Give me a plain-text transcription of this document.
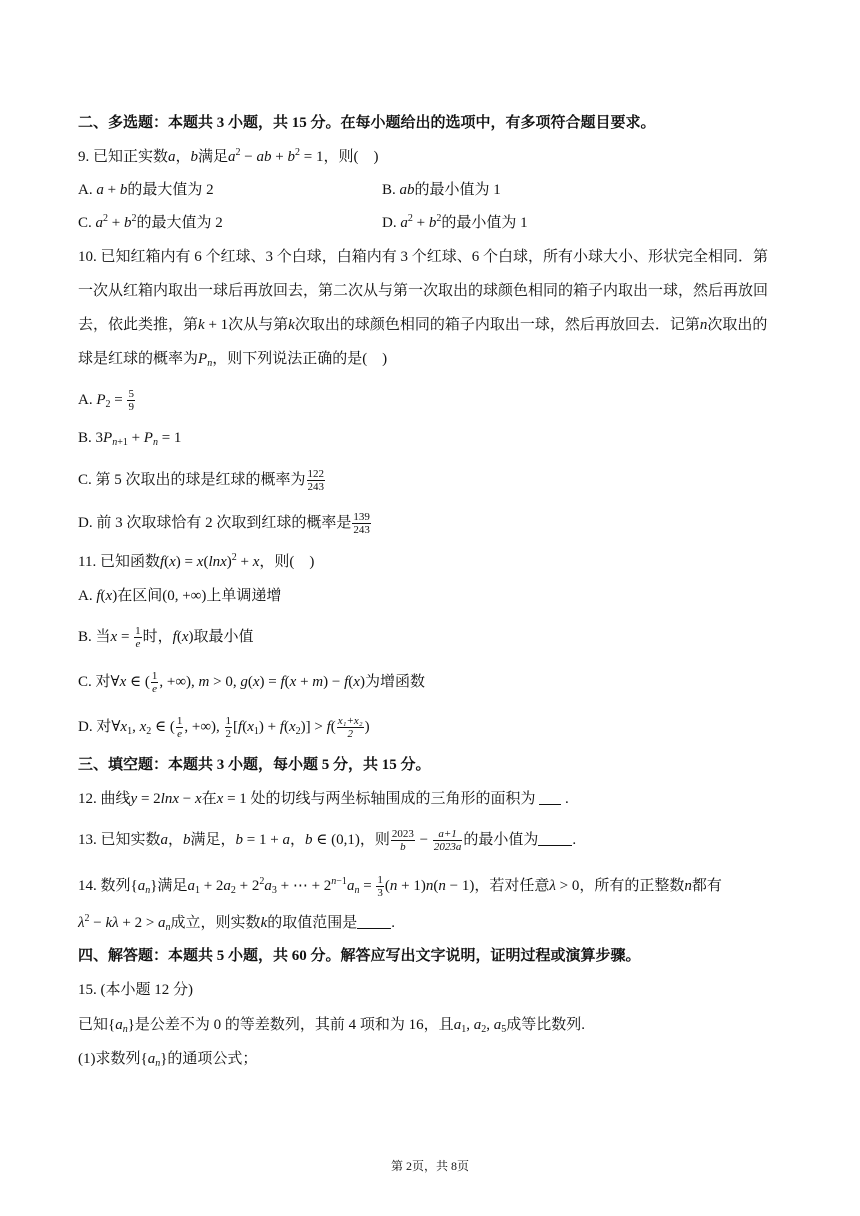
二、多选题：本题共 3 小题，共 15 分。在每小题给出的选项中，有多项符合题目要求。
9. 已知正实数a，b满足$a^2$ − ab + $b^2 = 1$，则(　)
A. a + b的最大值为 2	B. ab的最小值为 1
C. $a^2 + b^2$的最大值为 2	D. $a^2 + b^2$的最小值为 1
10. 已知红箱内有 6 个红球、3 个白球，白箱内有 3 个红球、6 个白球，所有小球大小、形状完全相同．第
一次从红箱内取出一球后再放回去，第二次从与第一次取出的球颜色相同的箱子内取出一球，然后再放回
去，依此类推，第k + 1次从与第k次取出的球颜色相同的箱子内取出一球，然后再放回去．记第n次取出的
球是红球的概率为$P_n$，则下列说法正确的是(　)
A. $P_2 = \frac{5}{9}$
B. $3P_{n+1} + P_n = 1$
C. 第 5 次取出的球是红球的概率为 $\frac{122}{243}$
D. 前 3 次取球恰有 2 次取到红球的概率是 $\frac{139}{243}$
11. 已知函数$f(x) = x(\ln x)^2 + x$，则(　)
A. f(x)在区间(0, +∞)上单调递增
B. 当$x = \frac{1}{e}$ 时，f(x)取最小值
C. 对∀x ∈ ( $\frac{1}{e}$ , +∞), m > 0, g(x) = f(x + m) − f(x)为增函数
D. 对$\forall x_1$, $x_2$ ∈ ( $\frac{1}{e}$ , +∞), $\frac{1}{2} [f(x_1) + f(x_2)] > f( \frac{\text{x₁+x₂}}{2}$ )
三、填空题：本题共 3 小题，每小题 5 分，共 15 分。
12. 曲线y = 2lnx − x在x = 1 处的切线与两坐标轴围成的三角形的面积为  .
13. 已知实数a，b满足，b = 1 + a，b ∈ (0,1)，则 $\frac{2023}{b} - \frac{a+1}{2023a}$ 的最小值为 .
14. 数列$\{a_n\}$满足$a_1 + 2a_2 + 2^2a_3$ + ⋯ + $2^{n-1}a_n = \frac{1}{3} (n + 1)n(n - 1)$，若对任意λ > 0，所有的正整数n都有
$\lambda^2 - k\lambda + 2 > a_n$成立，则实数k的取值范围是 .
四、解答题：本题共 5 小题，共 60 分。解答应写出文字说明，证明过程或演算步骤。
15. (本小题 12 分)
已知$\{a_n\}$是公差不为 0 的等差数列，其前 4 项和为 16，且$a_1$, $a_2$, $a_5$成等比数列.
(1)求数列$\{a_n\}$的通项公式；
第 2页，共 8页
